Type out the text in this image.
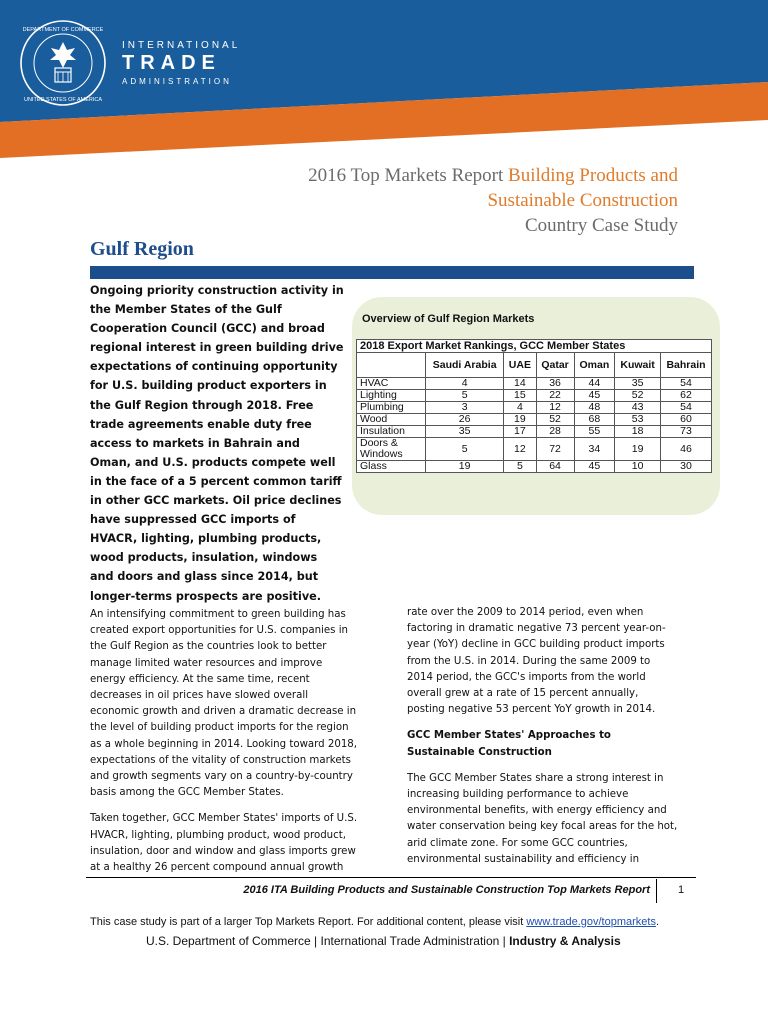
DEPARTMENT OF COMMERCE
UNITED STATES OF AMERICA
INTERNATIONAL
TRADE
ADMINISTRATION
2016 Top Markets Report Building Products and
Sustainable Construction
Country Case Study
Gulf Region
Ongoing priority construction activity in the Member States of the Gulf Cooperation Council (GCC) and broad regional interest in green building drive expectations of continuing opportunity for U.S. building product exporters in the Gulf Region through 2018. Free trade agreements enable duty free access to markets in Bahrain and Oman, and U.S. products compete well in the face of a 5 percent common tariff in other GCC markets. Oil price declines have suppressed GCC imports of HVACR, lighting, plumbing products, wood products, insulation, windows and doors and glass since 2014, but longer-terms prospects are positive.
Overview of Gulf Region Markets
2018 Export Market Rankings, GCC Member States						
	Saudi Arabia	UAE	Qatar	Oman	Kuwait	Bahrain
HVAC	4	14	36	44	35	54
Lighting	5	15	22	45	52	62
Plumbing	3	4	12	48	43	54
Wood	26	19	52	68	53	60
Insulation	35	17	28	55	18	73
Doors & Windows	5	12	72	34	19	46
Glass	19	5	64	45	10	30

An intensifying commitment to green building has created export opportunities for U.S. companies in the Gulf Region as the countries look to better manage limited water resources and improve energy efficiency. At the same time, recent decreases in oil prices have slowed overall economic growth and driven a dramatic decrease in the level of building product imports for the region as a whole beginning in 2014. Looking toward 2018, expectations of the vitality of construction markets and growth segments vary on a country-by-country basis among the GCC Member States.

Taken together, GCC Member States' imports of U.S. HVACR, lighting, plumbing product, wood product, insulation, door and window and glass imports grew at a healthy 26 percent compound annual growth

rate over the 2009 to 2014 period, even when factoring in dramatic negative 73 percent year-on-year (YoY) decline in GCC building product imports from the U.S. in 2014. During the same 2009 to 2014 period, the GCC's imports from the world overall grew at a rate of 15 percent annually, posting negative 53 percent YoY growth in 2014.

GCC Member States' Approaches to Sustainable Construction

The GCC Member States share a strong interest in increasing building performance to achieve environmental benefits, with energy efficiency and water conservation being key focal areas for the hot, arid climate zone. For some GCC countries, environmental sustainability and efficiency in

2016 ITA Building Products and Sustainable Construction Top Markets Report	1
This case study is part of a larger Top Markets Report. For additional content, please visit www.trade.gov/topmarkets.
U.S. Department of Commerce | International Trade Administration | Industry & Analysis
